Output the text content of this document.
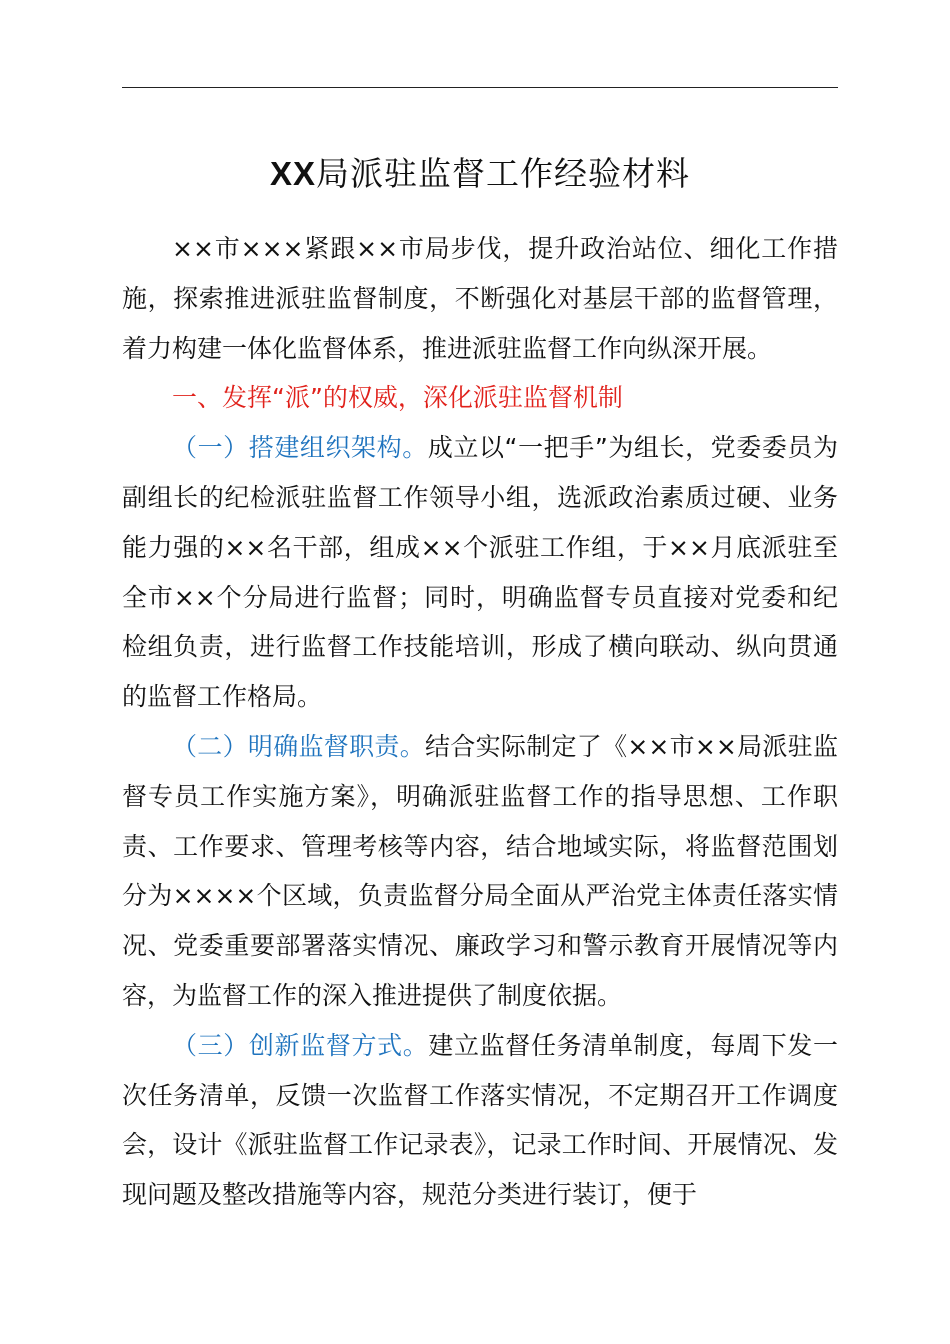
XX局派驻监督工作经验材料

××市×××紧跟××市局步伐，提升政治站位、细化工作措施，探索推进派驻监督制度，不断强化对基层干部的监督管理，着力构建一体化监督体系，推进派驻监督工作向纵深开展。

一、发挥“派”的权威，深化派驻监督机制

（一）搭建组织架构。成立以“一把手”为组长，党委委员为副组长的纪检派驻监督工作领导小组，选派政治素质过硬、业务能力强的××名干部，组成××个派驻工作组，于××月底派驻至全市××个分局进行监督；同时，明确监督专员直接对党委和纪检组负责，进行监督工作技能培训，形成了横向联动、纵向贯通的监督工作格局。

（二）明确监督职责。结合实际制定了《××市××局派驻监督专员工作实施方案》，明确派驻监督工作的指导思想、工作职责、工作要求、管理考核等内容，结合地域实际，将监督范围划分为××××个区域，负责监督分局全面从严治党主体责任落实情况、党委重要部署落实情况、廉政学习和警示教育开展情况等内容，为监督工作的深入推进提供了制度依据。

（三）创新监督方式。建立监督任务清单制度，每周下发一次任务清单，反馈一次监督工作落实情况，不定期召开工作调度会，设计《派驻监督工作记录表》，记录工作时间、开展情况、发现问题及整改措施等内容，规范分类进行装订，便于
